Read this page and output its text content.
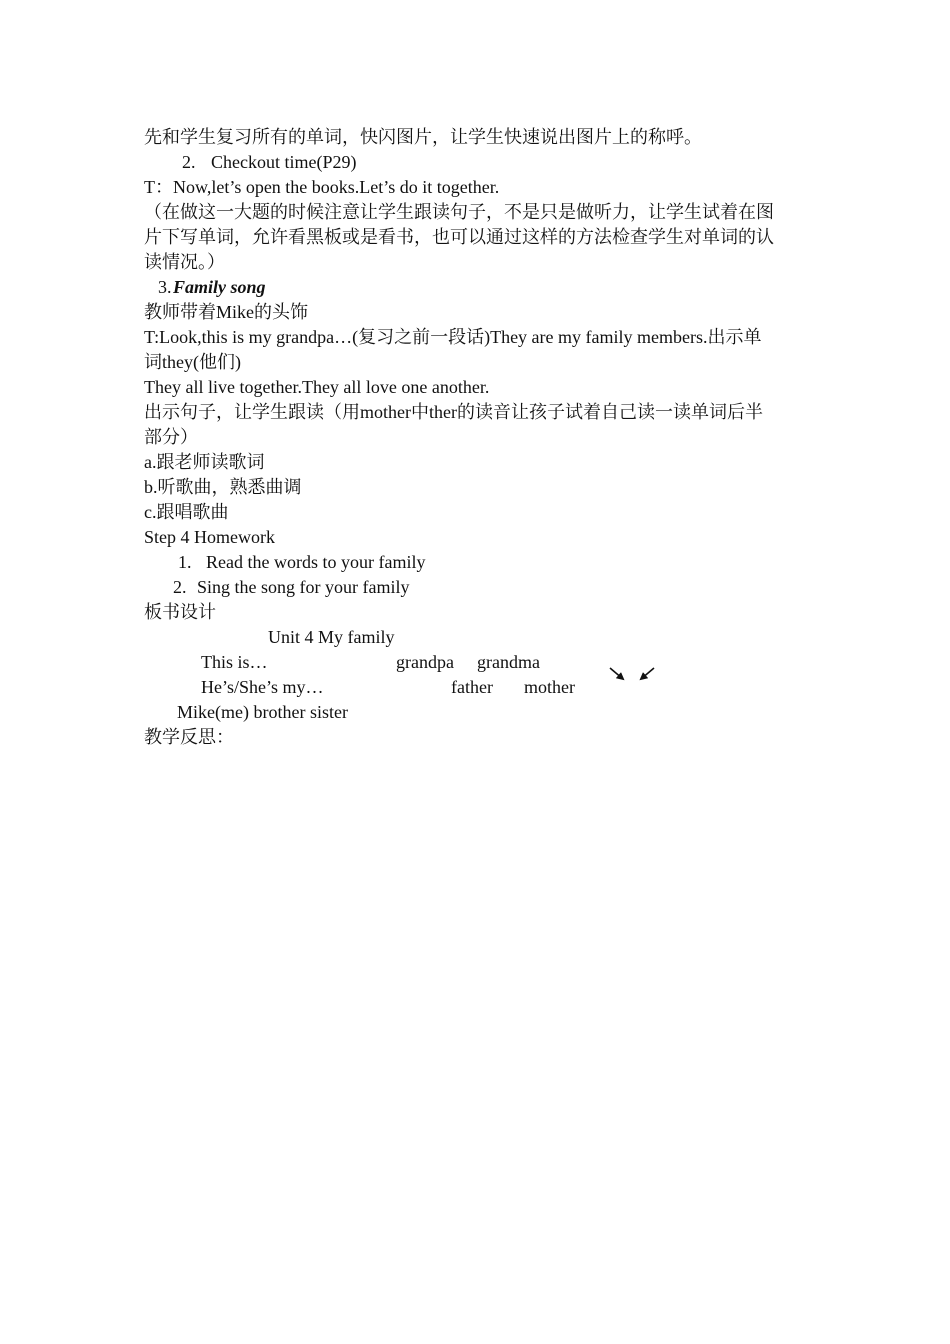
先和学生复习所有的单词，快闪图片，让学生快速说出图片上的称呼。
2. Checkout time(P29)
T：Now,let’s open the books.Let’s do it together.
（在做这一大题的时候注意让学生跟读句子，不是只是做听力，让学生试着在图
片下写单词，允许看黑板或是看书，也可以通过这样的方法检查学生对单词的认
读情况。）
3. Family song
教师带着Mike的头饰
T:Look,this is my grandpa…(复习之前一段话)They are my family members.出示单
词they(他们)
They all live together.They all love one another.
出示句子，让学生跟读（用mother中ther的读音让孩子试着自己读一读单词后半
部分）
a.跟老师读歌词
b.听歌曲，熟悉曲调
c.跟唱歌曲
Step 4 Homework
1. Read the words to your family
2. Sing the song for your family
板书设计
Unit 4 My family
This is…	grandpa grandma
He’s/She’s my…	father mother
Mike(me) brother sister
教学反思：
